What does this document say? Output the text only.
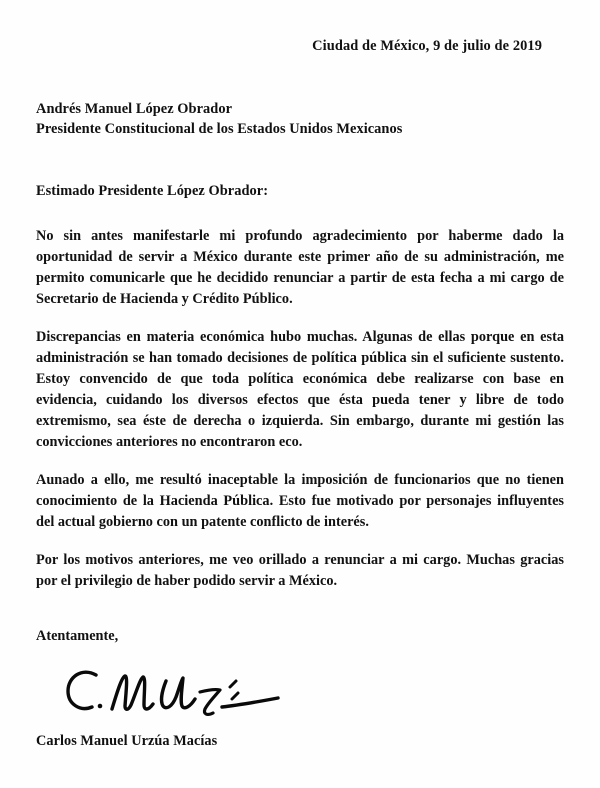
Ciudad de México, 9 de julio de 2019
Andrés Manuel López Obrador
Presidente Constitucional de los Estados Unidos Mexicanos
Estimado Presidente López Obrador:

No sin antes manifestarle mi profundo agradecimiento por haberme dado la oportunidad de servir a México durante este primer año de su administración, me permito comunicarle que he decidido renunciar a partir de esta fecha a mi cargo de Secretario de Hacienda y Crédito Público.

Discrepancias en materia económica hubo muchas. Algunas de ellas porque en esta administración se han tomado decisiones de política pública sin el suficiente sustento. Estoy convencido de que toda política económica debe realizarse con base en evidencia, cuidando los diversos efectos que ésta pueda tener y libre de todo extremismo, sea éste de derecha o izquierda. Sin embargo, durante mi gestión las convicciones anteriores no encontraron eco.

Aunado a ello, me resultó inaceptable la imposición de funcionarios que no tienen conocimiento de la Hacienda Pública. Esto fue motivado por personajes influyentes del actual gobierno con un patente conflicto de interés.

Por los motivos anteriores, me veo orillado a renunciar a mi cargo. Muchas gracias por el privilegio de haber podido servir a México.

Atentamente,
Carlos Manuel Urzúa Macías
